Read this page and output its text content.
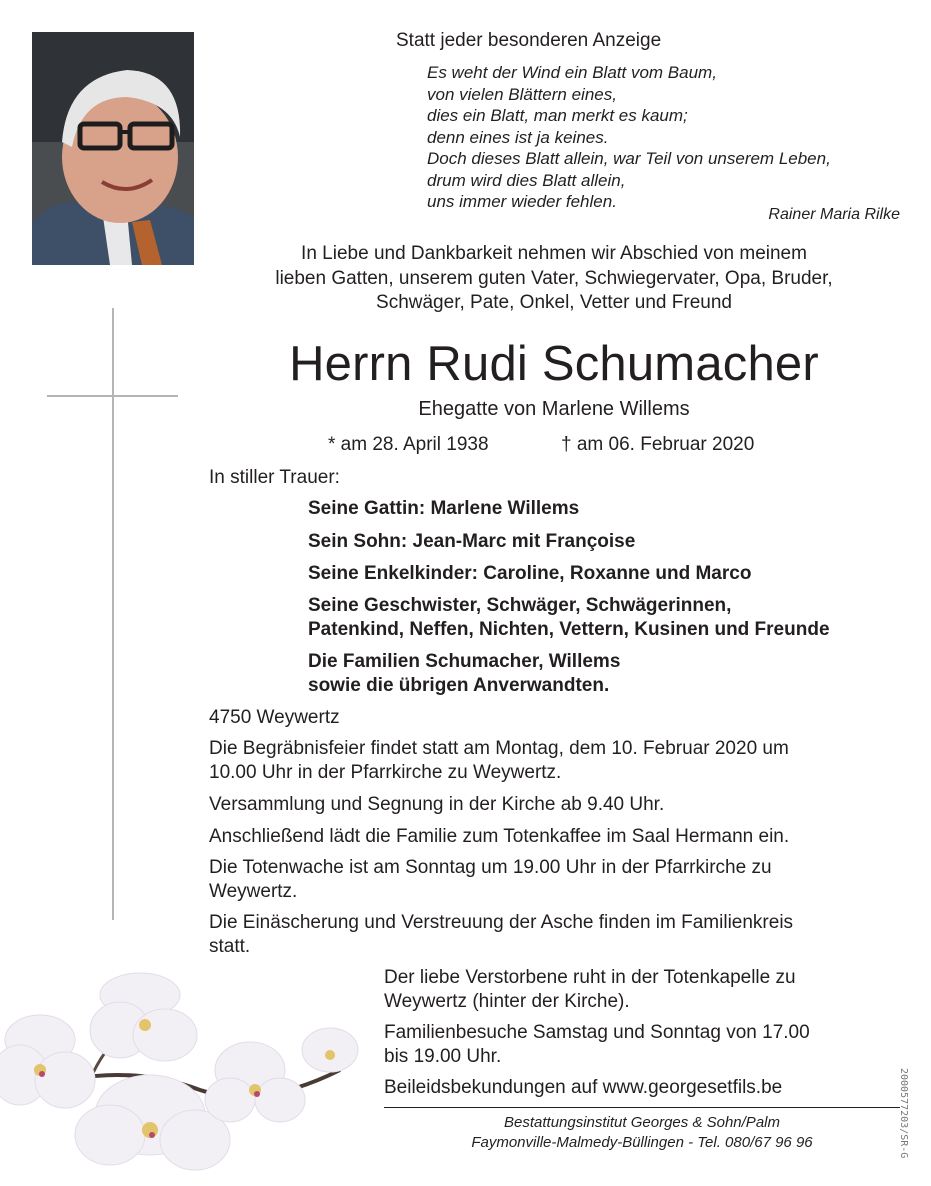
Statt jeder besonderen Anzeige
Es weht der Wind ein Blatt vom Baum,
von vielen Blättern eines,
dies ein Blatt, man merkt es kaum;
denn eines ist ja keines.
Doch dieses Blatt allein, war Teil von unserem Leben,
drum wird dies Blatt allein,
uns immer wieder fehlen.
Rainer Maria Rilke
In Liebe und Dankbarkeit nehmen wir Abschied von meinem
lieben Gatten, unserem guten Vater, Schwiegervater, Opa, Bruder,
Schwäger, Pate, Onkel, Vetter und Freund
Herrn Rudi Schumacher
Ehegatte von Marlene Willems
* am 28. April 1938	† am 06. Februar 2020
In stiller Trauer:
Seine Gattin: Marlene Willems
Sein Sohn: Jean-Marc mit Françoise
Seine Enkelkinder: Caroline, Roxanne und Marco
Seine Geschwister, Schwäger, Schwägerinnen,
Patenkind, Neffen, Nichten, Vettern, Kusinen und Freunde
Die Familien Schumacher, Willems
sowie die übrigen Anverwandten.
4750 Weywertz
Die Begräbnisfeier findet statt am Montag, dem 10. Februar 2020 um
10.00 Uhr in der Pfarrkirche zu Weywertz.
Versammlung und Segnung in der Kirche ab 9.40 Uhr.
Anschließend lädt die Familie zum Totenkaffee im Saal Hermann ein.
Die Totenwache ist am Sonntag um 19.00 Uhr in der Pfarrkirche zu
Weywertz.
Die Einäscherung und Verstreuung der Asche finden im Familienkreis
statt.
Der liebe Verstorbene ruht in der Totenkapelle zu
Weywertz (hinter der Kirche).
Familienbesuche Samstag und Sonntag von 17.00
bis 19.00 Uhr.
Beileidsbekundungen auf www.georgesetfils.be
Bestattungsinstitut Georges & Sohn/Palm
Faymonville-Malmedy-Büllingen - Tel. 080/67 96 96	2000577203/SR-G
